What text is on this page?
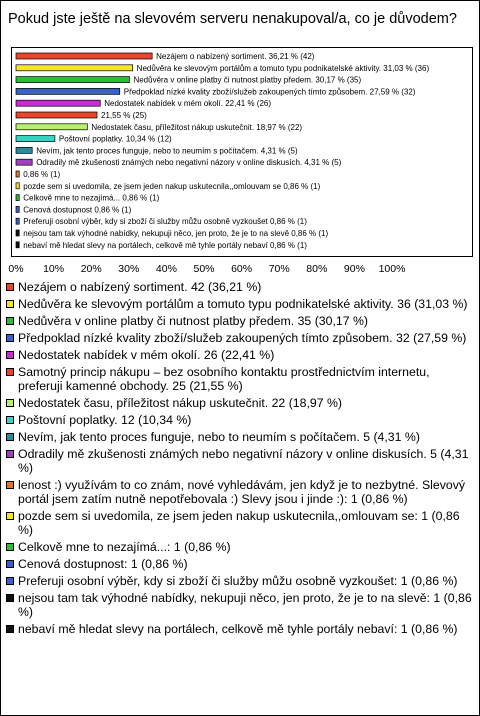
Pokud jste ještě na slevovém serveru nenakupoval/a, co je důvodem?
Nezájem o nabízený sortiment. 36,21 % (42)
Nedůvěra ke slevovým portálům a tomuto typu podnikatelské aktivity. 31,03 % (36)
Nedůvěra v online platby či nutnost platby předem. 30,17 % (35)
Předpoklad nízké kvality zboží/služeb zakoupených tímto způsobem. 27,59 % (32)
Nedostatek nabídek v mém okolí. 22,41 % (26)
21,55 % (25)
Nedostatek času, příležitost nákup uskutečnit. 18,97 % (22)
Poštovní poplatky. 10,34 % (12)
Nevím, jak tento proces funguje, nebo to neumím s počítačem. 4,31 % (5)
Odradily mě zkušenosti známých nebo negativní názory v online diskusích. 4,31 % (5)
0,86 % (1)
pozde sem si uvedomila, ze jsem jeden nakup uskutecnila,,omlouvam se 0,86 % (1)
Celkově mne to nezajímá... 0,86 % (1)
Cenová dostupnost 0,86 % (1)
Preferuji osobní výběr, kdy si zboží či služby můžu osobně vyzkoušet 0,86 % (1)
nejsou tam tak výhodné nabídky, nekupuji něco, jen proto, že je to na slevě 0,86 % (1)
nebaví mě hledat slevy na portálech, celkově mě tyhle portály nebaví 0,86 % (1)
0% 10% 20% 30% 40% 50% 60% 70% 80% 90% 100%
Nezájem o nabízený sortiment. 42 (36,21 %)
Nedůvěra ke slevovým portálům a tomuto typu podnikatelské aktivity. 36 (31,03 %)
Nedůvěra v online platby či nutnost platby předem. 35 (30,17 %)
Předpoklad nízké kvality zboží/služeb zakoupených tímto způsobem. 32 (27,59 %)
Nedostatek nabídek v mém okolí. 26 (22,41 %)
Samotný princip nákupu – bez osobního kontaktu prostřednictvím internetu, preferuji kamenné obchody. 25 (21,55 %)
Nedostatek času, příležitost nákup uskutečnit. 22 (18,97 %)
Poštovní poplatky. 12 (10,34 %)
Nevím, jak tento proces funguje, nebo to neumím s počítačem. 5 (4,31 %)
Odradily mě zkušenosti známých nebo negativní názory v online diskusích. 5 (4,31 %)
lenost :) využívám to co znám, nové vyhledávám, jen když je to nezbytné. Slevový portál jsem zatím nutně nepotřebovala :) Slevy jsou i jinde :): 1 (0,86 %)
pozde sem si uvedomila, ze jsem jeden nakup uskutecnila,,omlouvam se: 1 (0,86 %)
Celkově mne to nezajímá...: 1 (0,86 %)
Cenová dostupnost: 1 (0,86 %)
Preferuji osobní výběr, kdy si zboží či služby můžu osobně vyzkoušet: 1 (0,86 %)
nejsou tam tak výhodné nabídky, nekupuji něco, jen proto, že je to na slevě: 1 (0,86 %)
nebaví mě hledat slevy na portálech, celkově mě tyhle portály nebaví: 1 (0,86 %)
